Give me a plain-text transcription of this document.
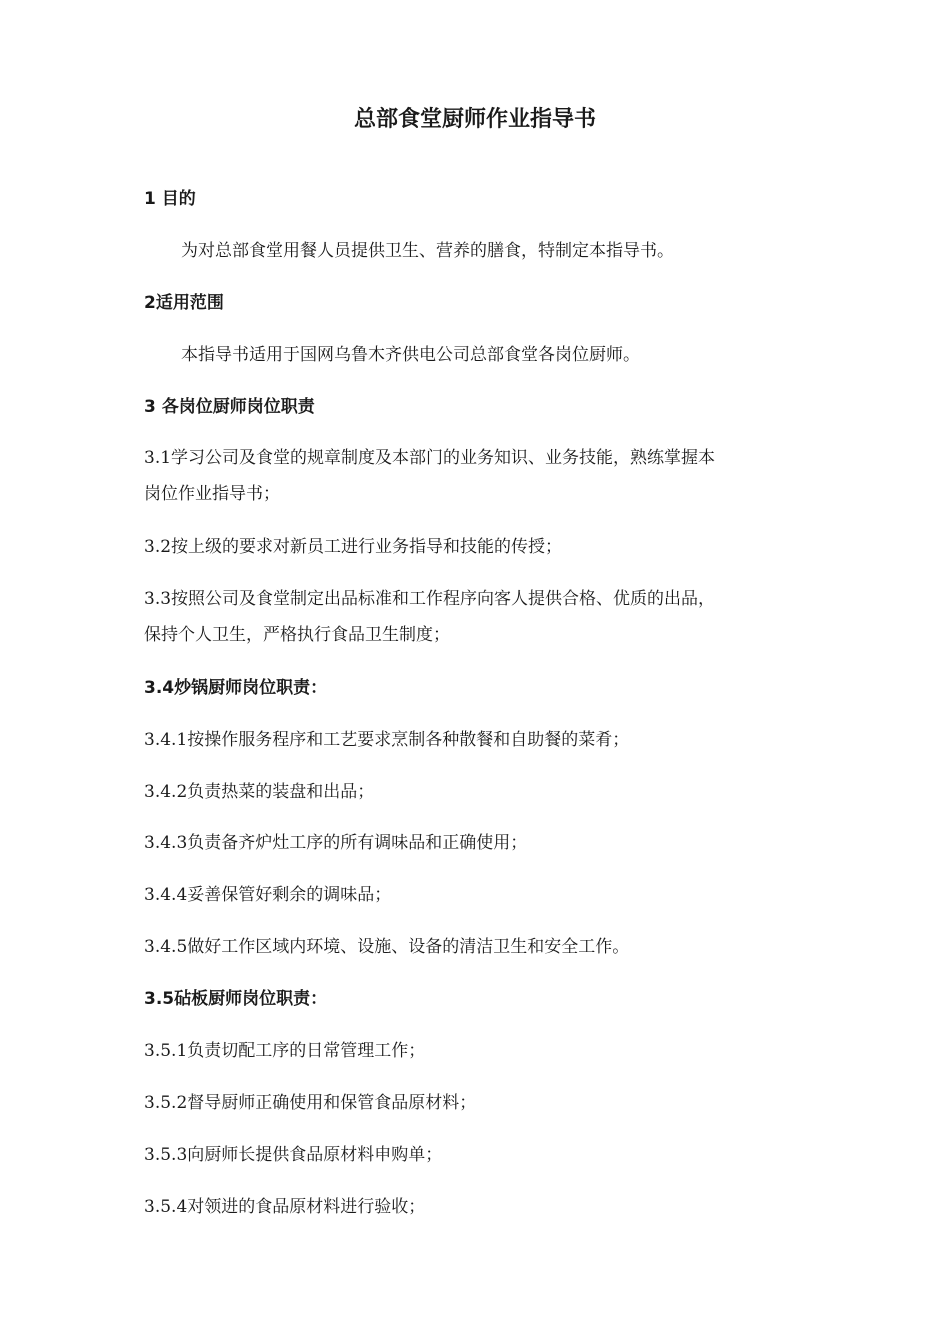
总部食堂厨师作业指导书

1 目的

为对总部食堂用餐人员提供卫生、营养的膳食，特制定本指导书。

2适用范围

本指导书适用于国网乌鲁木齐供电公司总部食堂各岗位厨师。

3 各岗位厨师岗位职责

3.1学习公司及食堂的规章制度及本部门的业务知识、业务技能，熟练掌握本

岗位作业指导书；

3.2按上级的要求对新员工进行业务指导和技能的传授；

3.3按照公司及食堂制定出品标准和工作程序向客人提供合格、优质的出品，

保持个人卫生，严格执行食品卫生制度；

3.4炒锅厨师岗位职责：

3.4.1按操作服务程序和工艺要求烹制各种散餐和自助餐的菜肴；

3.4.2负责热菜的装盘和出品；

3.4.3负责备齐炉灶工序的所有调味品和正确使用；

3.4.4妥善保管好剩余的调味品；

3.4.5做好工作区域内环境、设施、设备的清洁卫生和安全工作。

3.5砧板厨师岗位职责：

3.5.1负责切配工序的日常管理工作；

3.5.2督导厨师正确使用和保管食品原材料；

3.5.3向厨师长提供食品原材料申购单；

3.5.4对领进的食品原材料进行验收；
